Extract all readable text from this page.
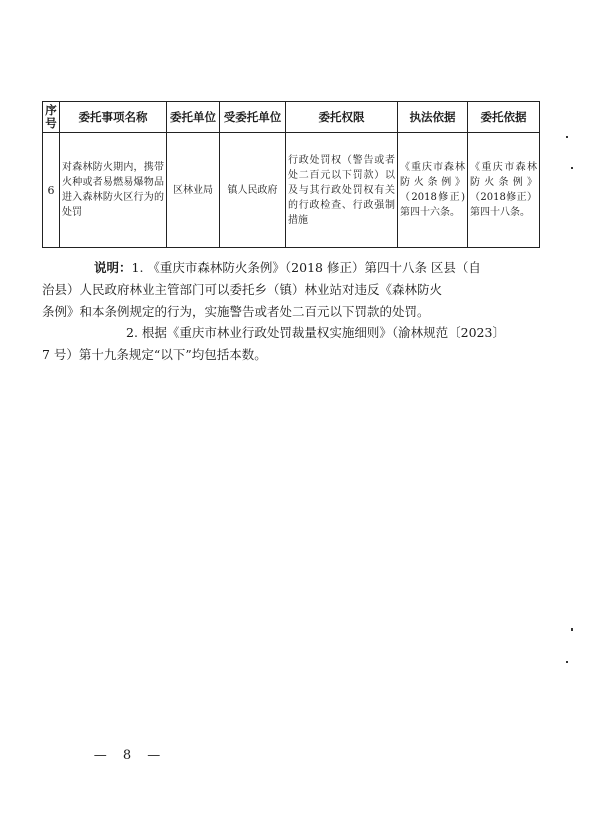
序号	委托事项名称	委托单位	受委托单位	委托权限	执法依据	委托依据
6	对森林防火期内，携带火种或者易燃易爆物品进入森林防火区行为的处罚	区林业局	镇人民政府	行政处罚权（警告或者处二百元以下罚款）以及与其行政处罚权有关的行政检查、行政强制措施	《重庆市森林防火条例》（2018修正)第四十六条。	《重庆市森林防火条例》（2018修正）第四十八条。
说明：1. 《重庆市森林防火条例》（2018 修正）第四十八条 区县（自
治县）人民政府林业主管部门可以委托乡（镇）林业站对违反《森林防火
条例》和本条例规定的行为，实施警告或者处二百元以下罚款的处罚。
2. 根据《重庆市林业行政处罚裁量权实施细则》（渝林规范〔2023〕
7 号）第十九条规定“以下”均包括本数。
— 8 —
